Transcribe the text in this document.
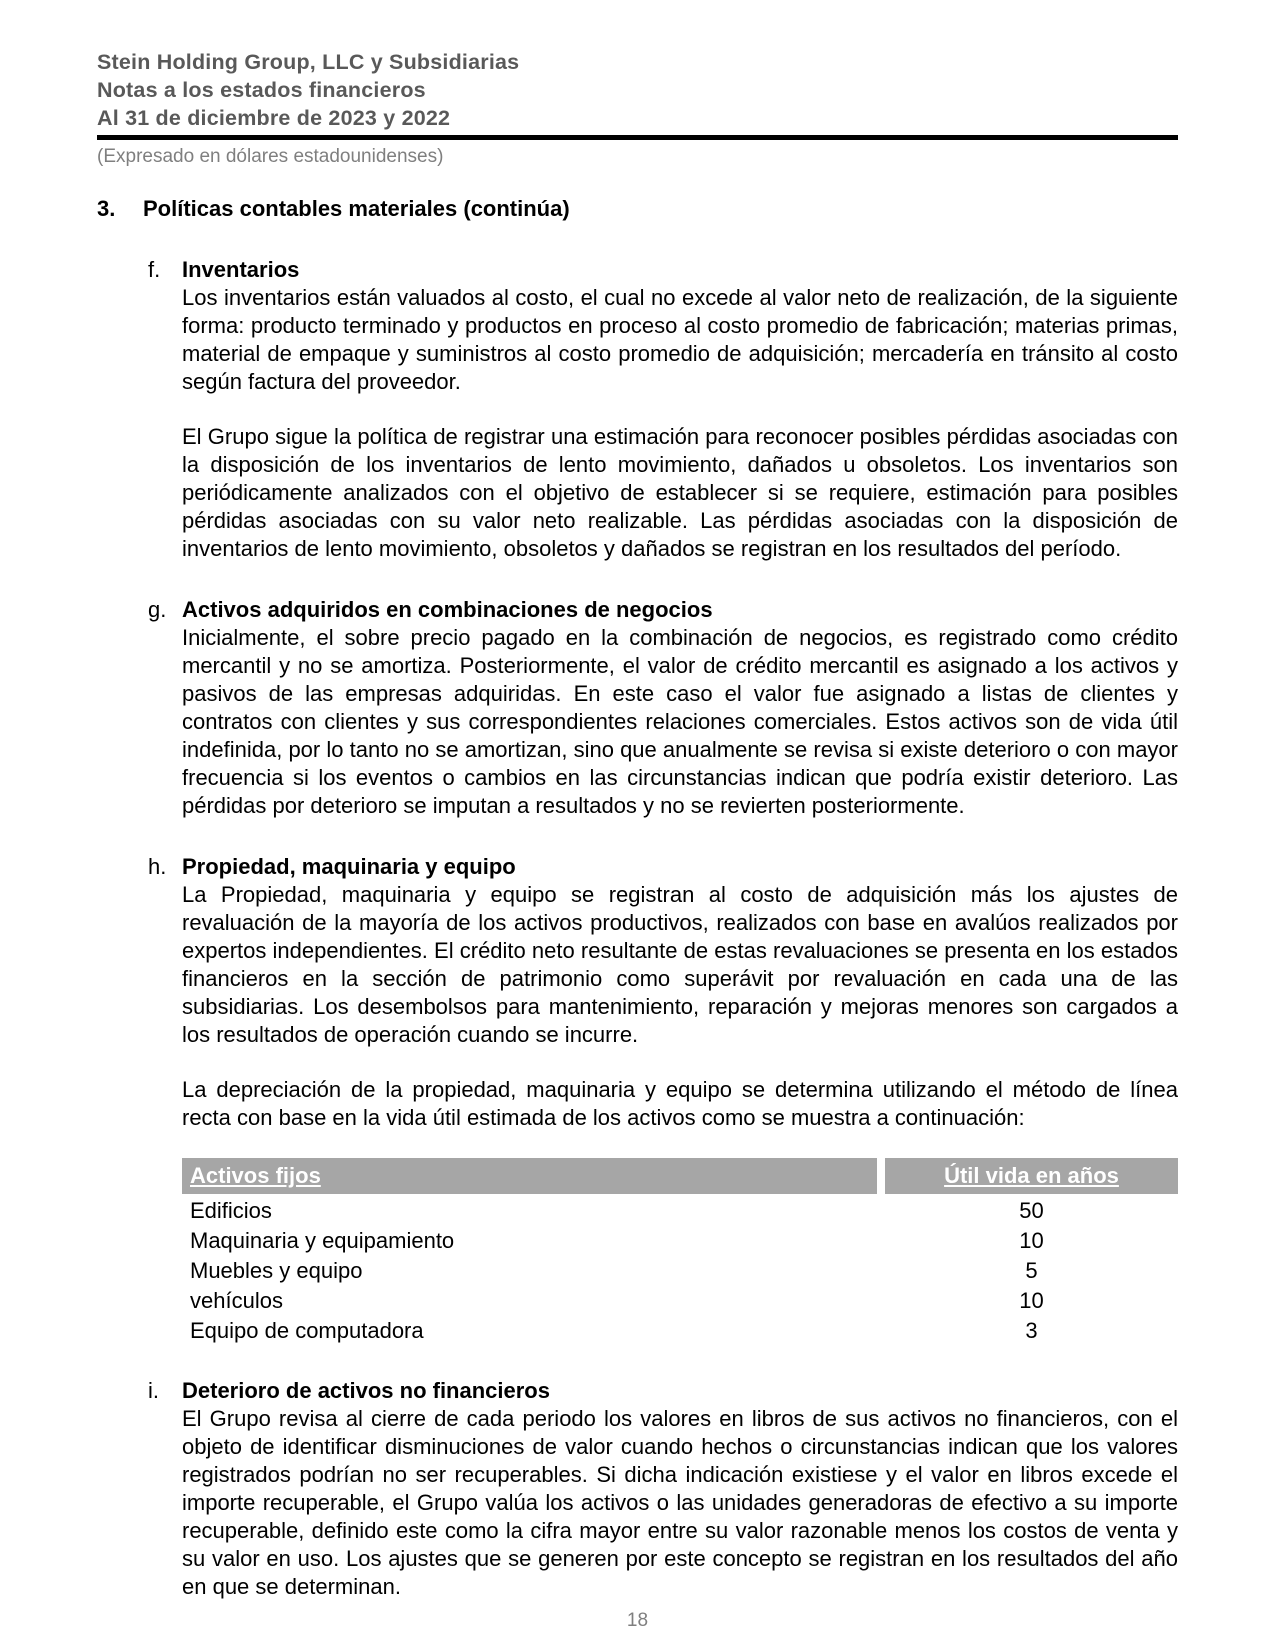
Stein Holding Group, LLC y Subsidiarias
Notas a los estados financieros
Al 31 de diciembre de 2023 y 2022
(Expresado en dólares estadounidenses)
3.	Políticas contables materiales (continúa)
f. Inventarios

Los inventarios están valuados al costo, el cual no excede al valor neto de realización, de la siguiente forma: producto terminado y productos en proceso al costo promedio de fabricación; materias primas, material de empaque y suministros al costo promedio de adquisición; mercadería en tránsito al costo según factura del proveedor.

El Grupo sigue la política de registrar una estimación para reconocer posibles pérdidas asociadas con la disposición de los inventarios de lento movimiento, dañados u obsoletos. Los inventarios son periódicamente analizados con el objetivo de establecer si se requiere, estimación para posibles pérdidas asociadas con su valor neto realizable. Las pérdidas asociadas con la disposición de inventarios de lento movimiento, obsoletos y dañados se registran en los resultados del período.

g. Activos adquiridos en combinaciones de negocios

Inicialmente, el sobre precio pagado en la combinación de negocios, es registrado como crédito mercantil y no se amortiza. Posteriormente, el valor de crédito mercantil es asignado a los activos y pasivos de las empresas adquiridas. En este caso el valor fue asignado a listas de clientes y contratos con clientes y sus correspondientes relaciones comerciales. Estos activos son de vida útil indefinida, por lo tanto no se amortizan, sino que anualmente se revisa si existe deterioro o con mayor frecuencia si los eventos o cambios en las circunstancias indican que podría existir deterioro. Las pérdidas por deterioro se imputan a resultados y no se revierten posteriormente.

h. Propiedad, maquinaria y equipo

La Propiedad, maquinaria y equipo se registran al costo de adquisición más los ajustes de revaluación de la mayoría de los activos productivos, realizados con base en avalúos realizados por expertos independientes. El crédito neto resultante de estas revaluaciones se presenta en los estados financieros en la sección de patrimonio como superávit por revaluación en cada una de las subsidiarias. Los desembolsos para mantenimiento, reparación y mejoras menores son cargados a los resultados de operación cuando se incurre.

La depreciación de la propiedad, maquinaria y equipo se determina utilizando el método de línea recta con base en la vida útil estimada de los activos como se muestra a continuación:

Activos fijos	Útil vida en años
Edificios	50
Maquinaria y equipamiento	10
Muebles y equipo	5
vehículos	10
Equipo de computadora	3
i.	Deterioro de activos no financieros

El Grupo revisa al cierre de cada periodo los valores en libros de sus activos no financieros, con el objeto de identificar disminuciones de valor cuando hechos o circunstancias indican que los valores registrados podrían no ser recuperables. Si dicha indicación existiese y el valor en libros excede el importe recuperable, el Grupo valúa los activos o las unidades generadoras de efectivo a su importe recuperable, definido este como la cifra mayor entre su valor razonable menos los costos de venta y su valor en uso. Los ajustes que se generen por este concepto se registran en los resultados del año en que se determinan.

18
